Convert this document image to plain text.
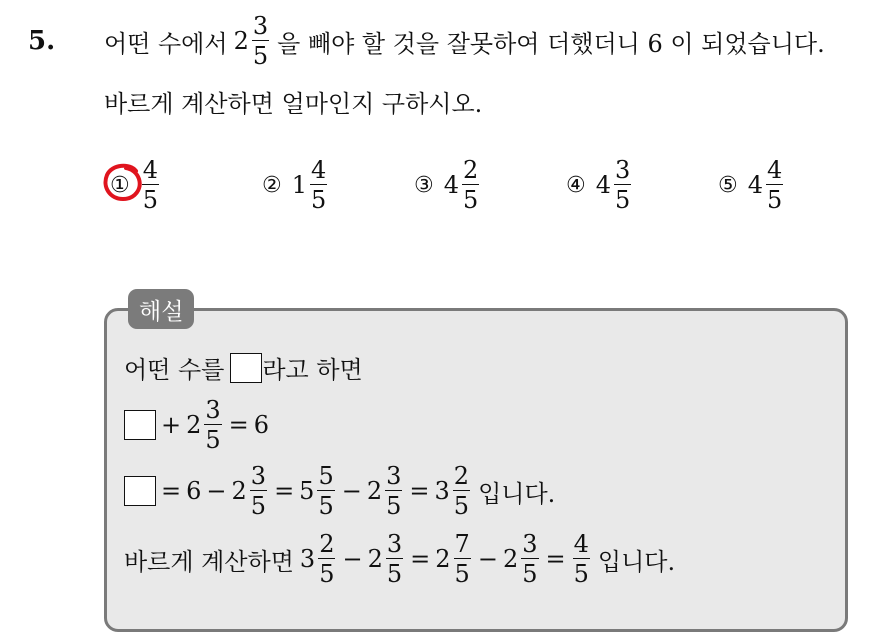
5. 어떤 수에서 $2 \frac{3}{5}$ 을 빼야 할 것을 잘못하여 더했더니 6 이 되었습니다.
바르게 계산하면 얼마인지 구하시오.
① $\frac{4}{5}$	② $1 \frac{4}{5}$	③ $4 \frac{2}{5}$	④ $4 \frac{3}{5}$	⑤ $4 \frac{4}{5}$
해설
어떤 수를 라고 하면
+ $2 \frac{3}{5} = 6$
= $6 - 2 \frac{3}{5} = 5 \frac{5}{5} - 2 \frac{3}{5} = 3 \frac{2}{5}$ 입니다.
바르게 계산하면 $3 \frac{2}{5} - 2 \frac{3}{5} = 2 \frac{7}{5} - 2 \frac{3}{5} = \frac{4}{5}$ 입니다.
